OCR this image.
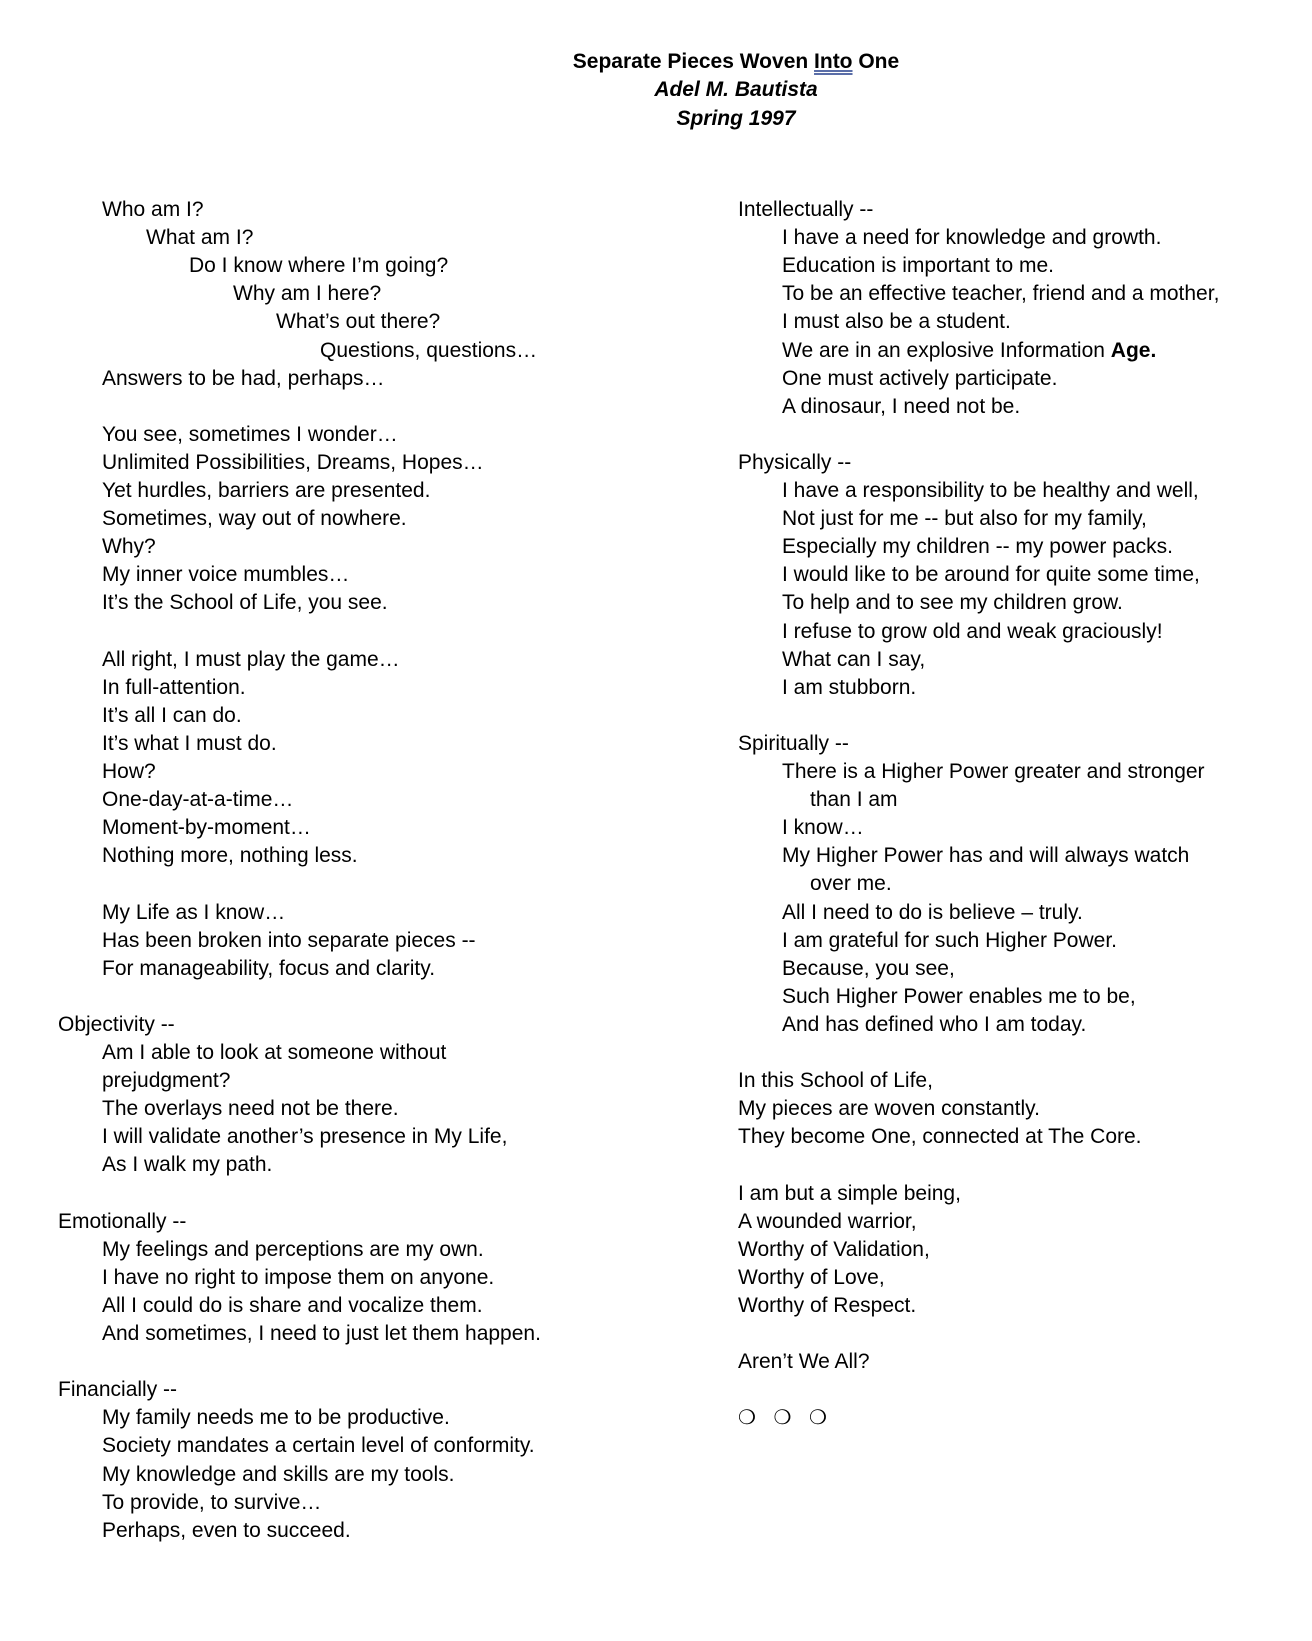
Separate Pieces Woven Into One
Adel M. Bautista
Spring 1997
Who am I?
What am I?
Do I know where I’m going?
Why am I here?
What’s out there?
Questions, questions…
Answers to be had, perhaps…
You see, sometimes I wonder…
Unlimited Possibilities, Dreams, Hopes…
Yet hurdles, barriers are presented.
Sometimes, way out of nowhere.
Why?
My inner voice mumbles…
It’s the School of Life, you see.
All right, I must play the game…
In full-attention.
It’s all I can do.
It’s what I must do.
How?
One-day-at-a-time…
Moment-by-moment…
Nothing more, nothing less.
My Life as I know…
Has been broken into separate pieces --
For manageability, focus and clarity.
Objectivity --
Am I able to look at someone without
prejudgment?
The overlays need not be there.
I will validate another’s presence in My Life,
As I walk my path.
Emotionally --
My feelings and perceptions are my own.
I have no right to impose them on anyone.
All I could do is share and vocalize them.
And sometimes, I need to just let them happen.
Financially --
My family needs me to be productive.
Society mandates a certain level of conformity.
My knowledge and skills are my tools.
To provide, to survive…
Perhaps, even to succeed.
Intellectually --
I have a need for knowledge and growth.
Education is important to me.
To be an effective teacher, friend and a mother,
I must also be a student.
We are in an explosive Information Age.
One must actively participate.
A dinosaur, I need not be.
Physically --
I have a responsibility to be healthy and well,
Not just for me -- but also for my family,
Especially my children -- my power packs.
I would like to be around for quite some time,
To help and to see my children grow.
I refuse to grow old and weak graciously!
What can I say,
I am stubborn.
Spiritually --
There is a Higher Power greater and stronger
than I am
I know…
My Higher Power has and will always watch
over me.
All I need to do is believe – truly.
I am grateful for such Higher Power.
Because, you see,
Such Higher Power enables me to be,
And has defined who I am today.
In this School of Life,
My pieces are woven constantly.
They become One, connected at The Core.
I am but a simple being,
A wounded warrior,
Worthy of Validation,
Worthy of Love,
Worthy of Respect.
Aren’t We All?
❍ ❍ ❍
